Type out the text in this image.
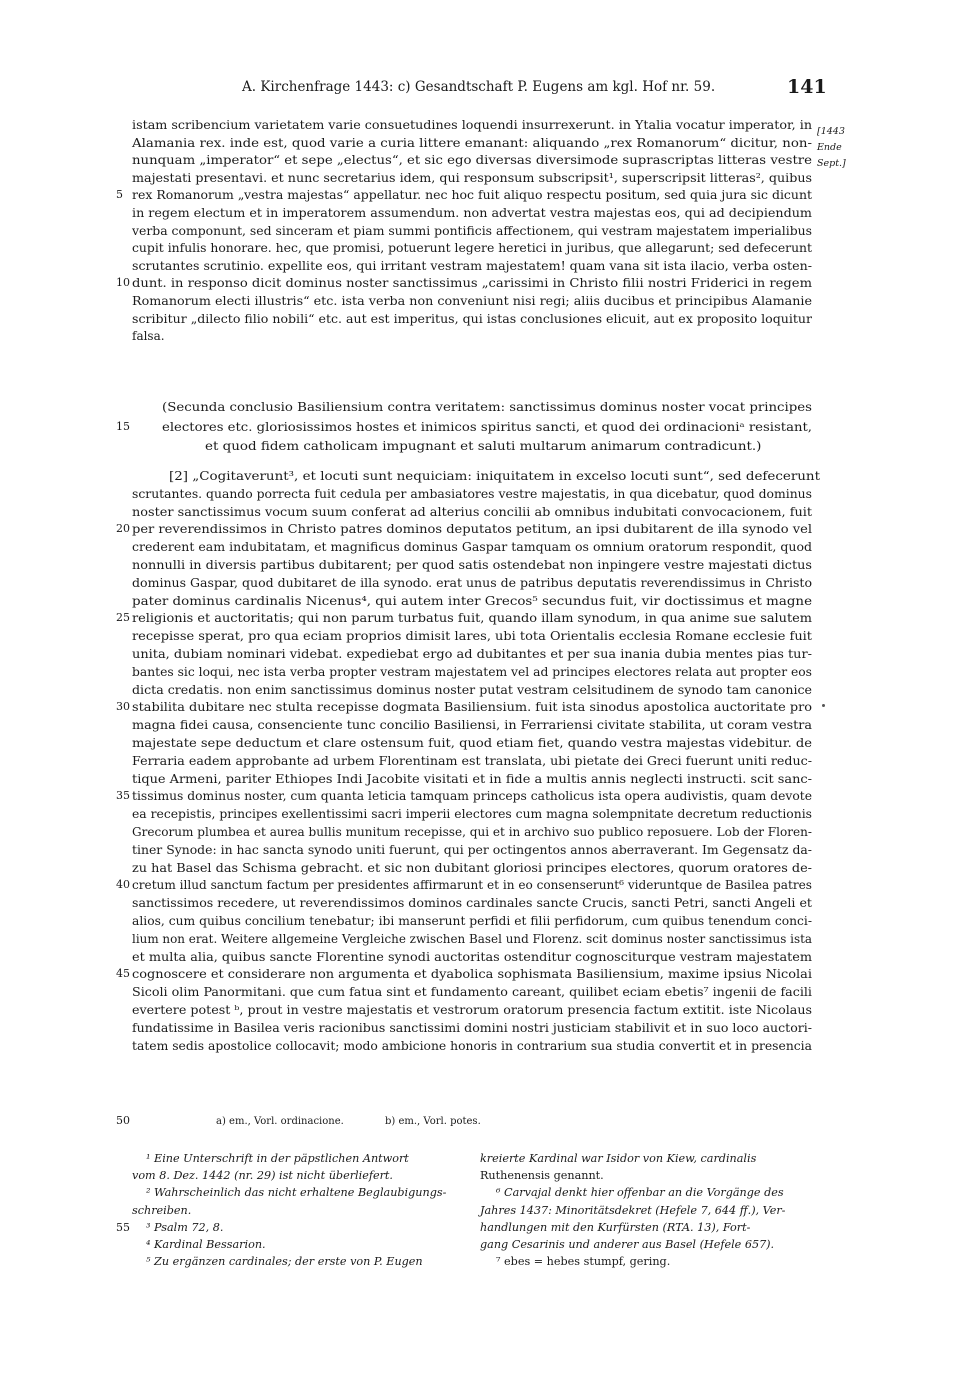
A. Kirchenfrage 1443: c) Gesandtschaft P. Eugens am kgl. Hof nr. 59.	141
[1443
Ende
Sept.]
istam scribencium varietatem varie consuetudines loquendi insurrexerunt. in Ytalia vocatur imperator, in
Alamania rex. inde est, quod varie a curia littere emanant: aliquando „rex Romanorum“ dicitur, non-
nunquam „imperator“ et sepe „electus“, et sic ego diversas diversimode suprascriptas litteras vestre
majestati presentavi. et nunc secretarius idem, qui responsum subscripsit¹, superscripsit litteras², quibus
5 rex Romanorum „vestra majestas“ appellatur. nec hoc fuit aliquo respectu positum, sed quia jura sic dicunt
in regem electum et in imperatorem assumendum. non advertat vestra majestas eos, qui ad decipiendum
verba componunt, sed sinceram et piam summi pontificis affectionem, qui vestram majestatem imperialibus
cupit infulis honorare. hec, que promisi, potuerunt legere heretici in juribus, que allegarunt; sed defecerunt
scrutantes scrutinio. expellite eos, qui irritant vestram majestatem! quam vana sit ista ilacio, verba osten-
10 dunt. in responso dicit dominus noster sanctissimus „carissimi in Christo filii nostri Friderici in regem
Romanorum electi illustris“ etc. ista verba non conveniunt nisi regi; aliis ducibus et principibus Alamanie
scribitur „dilecto filio nobili“ etc. aut est imperitus, qui istas conclusiones elicuit, aut ex proposito loquitur
falsa.
(Secunda conclusio Basiliensium contra veritatem: sanctissimus dominus noster vocat principes
15	electores etc. gloriosissimos hostes et inimicos spiritus sancti, et quod dei ordinacioniᵃ resistant,
et quod fidem catholicam impugnant et saluti multarum animarum contradicunt.)
[2] „Cogitaverunt³, et locuti sunt nequiciam: iniquitatem in excelso locuti sunt“, sed defecerunt
scrutantes. quando porrecta fuit cedula per ambasiatores vestre majestatis, in qua dicebatur, quod dominus
noster sanctissimus vocum suum conferat ad alterius concilii ab omnibus indubitati convocacionem, fuit
20 per reverendissimos in Christo patres dominos deputatos petitum, an ipsi dubitarent de illa synodo vel
crederent eam indubitatam, et magnificus dominus Gaspar tamquam os omnium oratorum respondit, quod
nonnulli in diversis partibus dubitarent; per quod satis ostendebat non inpingere vestre majestati dictus
dominus Gaspar, quod dubitaret de illa synodo. erat unus de patribus deputatis reverendissimus in Christo
pater dominus cardinalis Nicenus⁴, qui autem inter Grecos⁵ secundus fuit, vir doctissimus et magne
25 religionis et auctoritatis; qui non parum turbatus fuit, quando illam synodum, in qua anime sue salutem
recepisse sperat, pro qua eciam proprios dimisit lares, ubi tota Orientalis ecclesia Romane ecclesie fuit
unita, dubiam nominari videbat. expediebat ergo ad dubitantes et per sua inania dubia mentes pias tur-
bantes sic loqui, nec ista verba propter vestram majestatem vel ad principes electores relata aut propter eos
dicta credatis. non enim sanctissimus dominus noster putat vestram celsitudinem de synodo tam canonice
30 stabilita dubitare nec stulta recepisse dogmata Basiliensium. fuit ista sinodus apostolica auctoritate pro
magna fidei causa, consenciente tunc concilio Basiliensi, in Ferrariensi civitate stabilita, ut coram vestra
majestate sepe deductum et clare ostensum fuit, quod etiam fiet, quando vestra majestas videbitur. de
Ferraria eadem approbante ad urbem Florentinam est translata, ubi pietate dei Greci fuerunt uniti reduc-
tique Armeni, pariter Ethiopes Indi Jacobite visitati et in fide a multis annis neglecti instructi. scit sanc-
35 tissimus dominus noster, cum quanta leticia tamquam princeps catholicus ista opera audivistis, quam devote
ea recepistis, principes exellentissimi sacri imperii electores cum magna solempnitate decretum reductionis
Grecorum plumbea et aurea bullis munitum recepisse, qui et in archivo suo publico reposuere. Lob der Floren-
tiner Synode: in hac sancta synodo uniti fuerunt, qui per octingentos annos aberraverant. Im Gegensatz da-
zu hat Basel das Schisma gebracht. et sic non dubitant gloriosi principes electores, quorum oratores de-
40 cretum illud sanctum factum per presidentes affirmarunt et in eo consenserunt⁶ videruntque de Basilea patres
sanctissimos recedere, ut reverendissimos dominos cardinales sancte Crucis, sancti Petri, sancti Angeli et
alios, cum quibus concilium tenebatur; ibi manserunt perfidi et filii perfidorum, cum quibus tenendum conci-
lium non erat. Weitere allgemeine Vergleiche zwischen Basel und Florenz. scit dominus noster sanctissimus ista
et multa alia, quibus sancte Florentine synodi auctoritas ostenditur cognosciturque vestram majestatem
45 cognoscere et considerare non argumenta et dyabolica sophismata Basiliensium, maxime ipsius Nicolai
Sicoli olim Panormitani. que cum fatua sint et fundamento careant, quilibet eciam ebetis⁷ ingenii de facili
evertere potest ᵇ, prout in vestre majestatis et vestrorum oratorum presencia factum extitit. iste Nicolaus
fundatissime in Basilea veris racionibus sanctissimi domini nostri justiciam stabilivit et in suo loco auctori-
tatem sedis apostolice collocavit; modo ambicione honoris in contrarium sua studia convertit et in presencia
50	a) em., Vorl. ordinacione.	b) em., Vorl. potes.
¹ Eine Unterschrift in der päpstlichen Antwort
vom 8. Dez. 1442 (nr. 29) ist nicht überliefert.
² Wahrscheinlich das nicht erhaltene Beglaubigungs-
schreiben.
55 ³ Psalm 72, 8.
⁴ Kardinal Bessarion.
⁵ Zu ergänzen cardinales; der erste von P. Eugen
kreierte Kardinal war Isidor von Kiew, cardinalis
Ruthenensis genannt.
⁶ Carvajal denkt hier offenbar an die Vorgänge des
Jahres 1437: Minoritätsdekret (Hefele 7, 644 ff.), Ver-
handlungen mit den Kurfürsten (RTA. 13), Fort-
gang Cesarinis und anderer aus Basel (Hefele 657).
⁷ ebes = hebes stumpf, gering.
